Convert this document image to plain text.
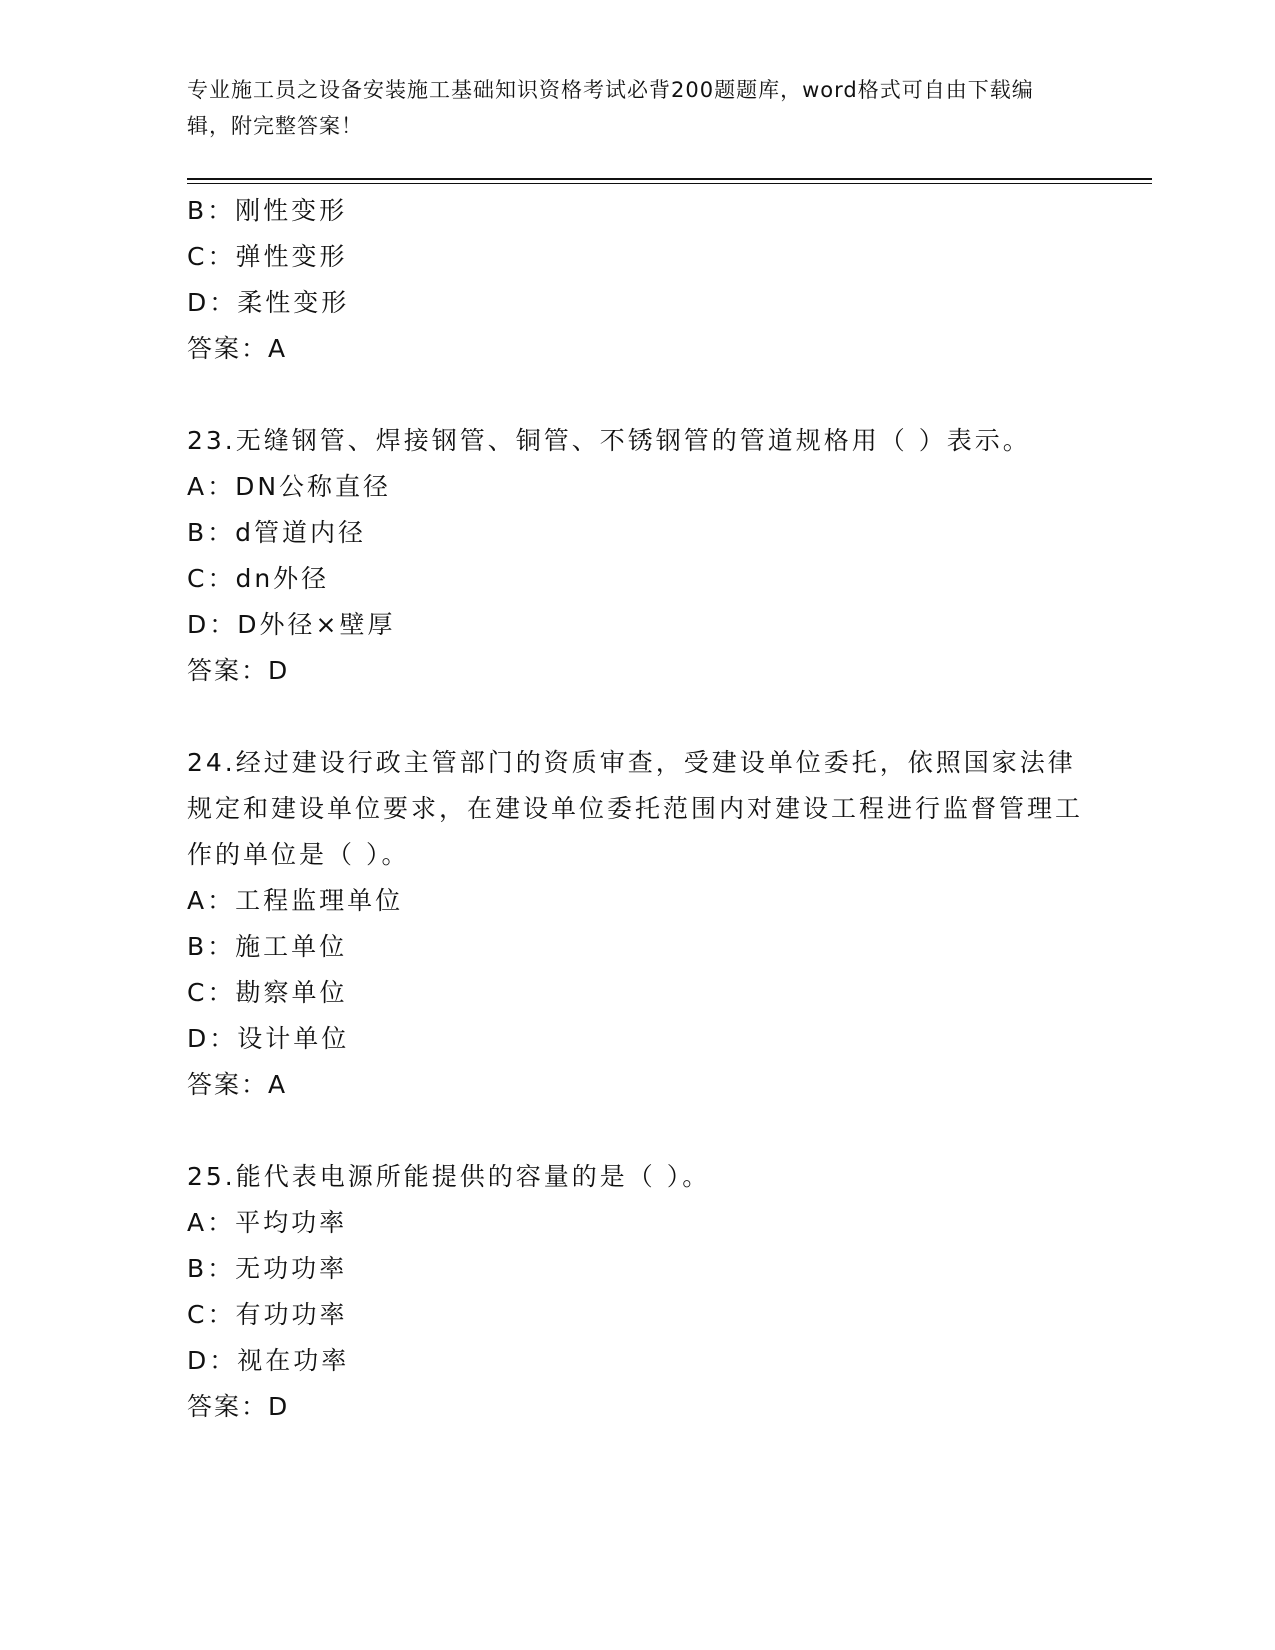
专业施工员之设备安装施工基础知识资格考试必背200题题库，word格式可自由下载编辑，附完整答案！
B：刚性变形
C：弹性变形
D：柔性变形
答案：A
23.无缝钢管、焊接钢管、铜管、不锈钢管的管道规格用（ ）表示。
A：DN公称直径
B：d管道内径
C：dn外径
D：D外径×壁厚
答案：D
24.经过建设行政主管部门的资质审查，受建设单位委托，依照国家法律规定和建设单位要求，在建设单位委托范围内对建设工程进行监督管理工作的单位是（ ）。
A：工程监理单位
B：施工单位
C：勘察单位
D：设计单位
答案：A
25.能代表电源所能提供的容量的是（ ）。
A：平均功率
B：无功功率
C：有功功率
D：视在功率
答案：D
